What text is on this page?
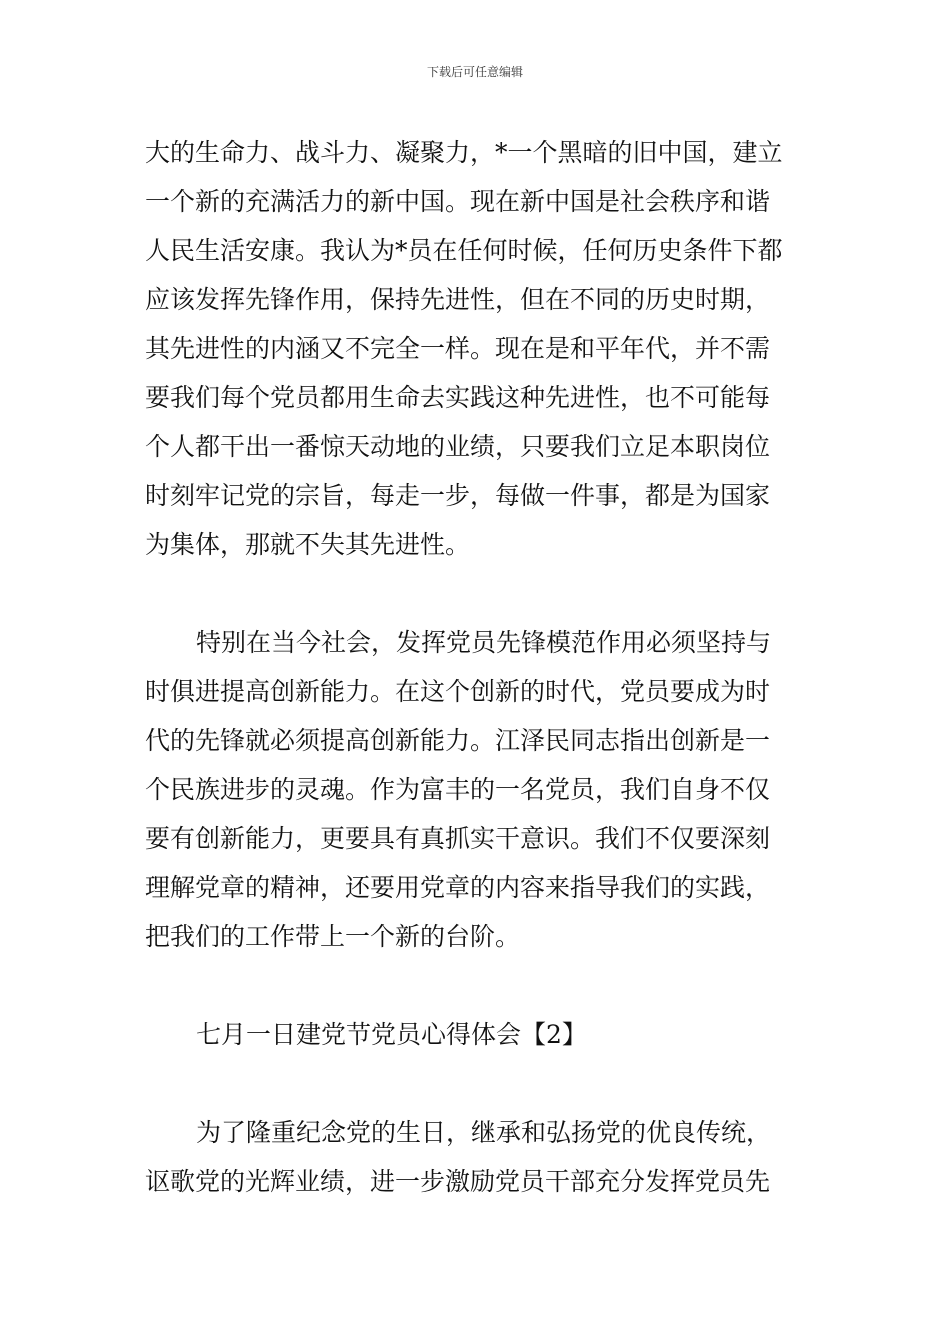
下载后可任意编辑
大的生命力、战斗力、凝聚力，*一个黑暗的旧中国，建立
一个新的充满活力的新中国。现在新中国是社会秩序和谐
人民生活安康。我认为*员在任何时候，任何历史条件下都
应该发挥先锋作用，保持先进性，但在不同的历史时期，
其先进性的内涵又不完全一样。现在是和平年代，并不需
要我们每个党员都用生命去实践这种先进性，也不可能每
个人都干出一番惊天动地的业绩，只要我们立足本职岗位
时刻牢记党的宗旨，每走一步，每做一件事，都是为国家
为集体，那就不失其先进性。
特别在当今社会，发挥党员先锋模范作用必须坚持与
时俱进提高创新能力。在这个创新的时代，党员要成为时
代的先锋就必须提高创新能力。江泽民同志指出创新是一
个民族进步的灵魂。作为富丰的一名党员，我们自身不仅
要有创新能力，更要具有真抓实干意识。我们不仅要深刻
理解党章的精神，还要用党章的内容来指导我们的实践，
把我们的工作带上一个新的台阶。
七月一日建党节党员心得体会【2】
为了隆重纪念党的生日，继承和弘扬党的优良传统，
讴歌党的光辉业绩，进一步激励党员干部充分发挥党员先
